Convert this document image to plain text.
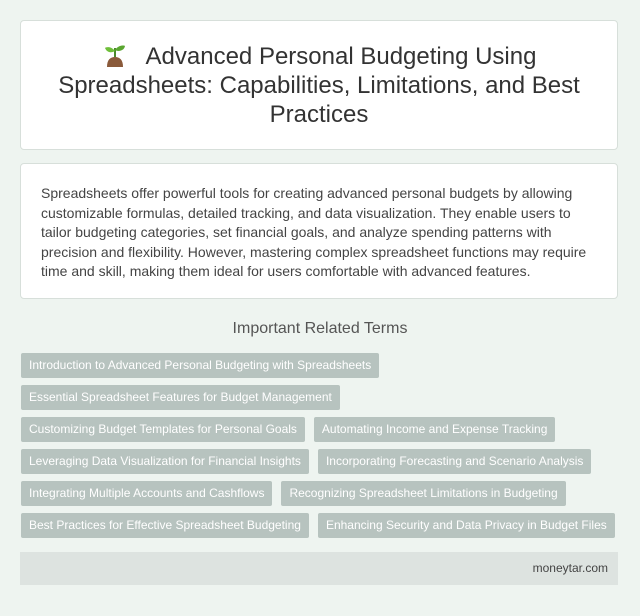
Advanced Personal Budgeting Using Spreadsheets: Capabilities, Limitations, and Best Practices

Spreadsheets offer powerful tools for creating advanced personal budgets by allowing customizable formulas, detailed tracking, and data visualization. They enable users to tailor budgeting categories, set financial goals, and analyze spending patterns with precision and flexibility. However, mastering complex spreadsheet functions may require time and skill, making them ideal for users comfortable with advanced features.

Important Related Terms
Introduction to Advanced Personal Budgeting with Spreadsheets
Essential Spreadsheet Features for Budget Management
Customizing Budget Templates for Personal Goals	Automating Income and Expense Tracking
Leveraging Data Visualization for Financial Insights	Incorporating Forecasting and Scenario Analysis
Integrating Multiple Accounts and Cashflows	Recognizing Spreadsheet Limitations in Budgeting
Best Practices for Effective Spreadsheet Budgeting	Enhancing Security and Data Privacy in Budget Files
moneytar.com
